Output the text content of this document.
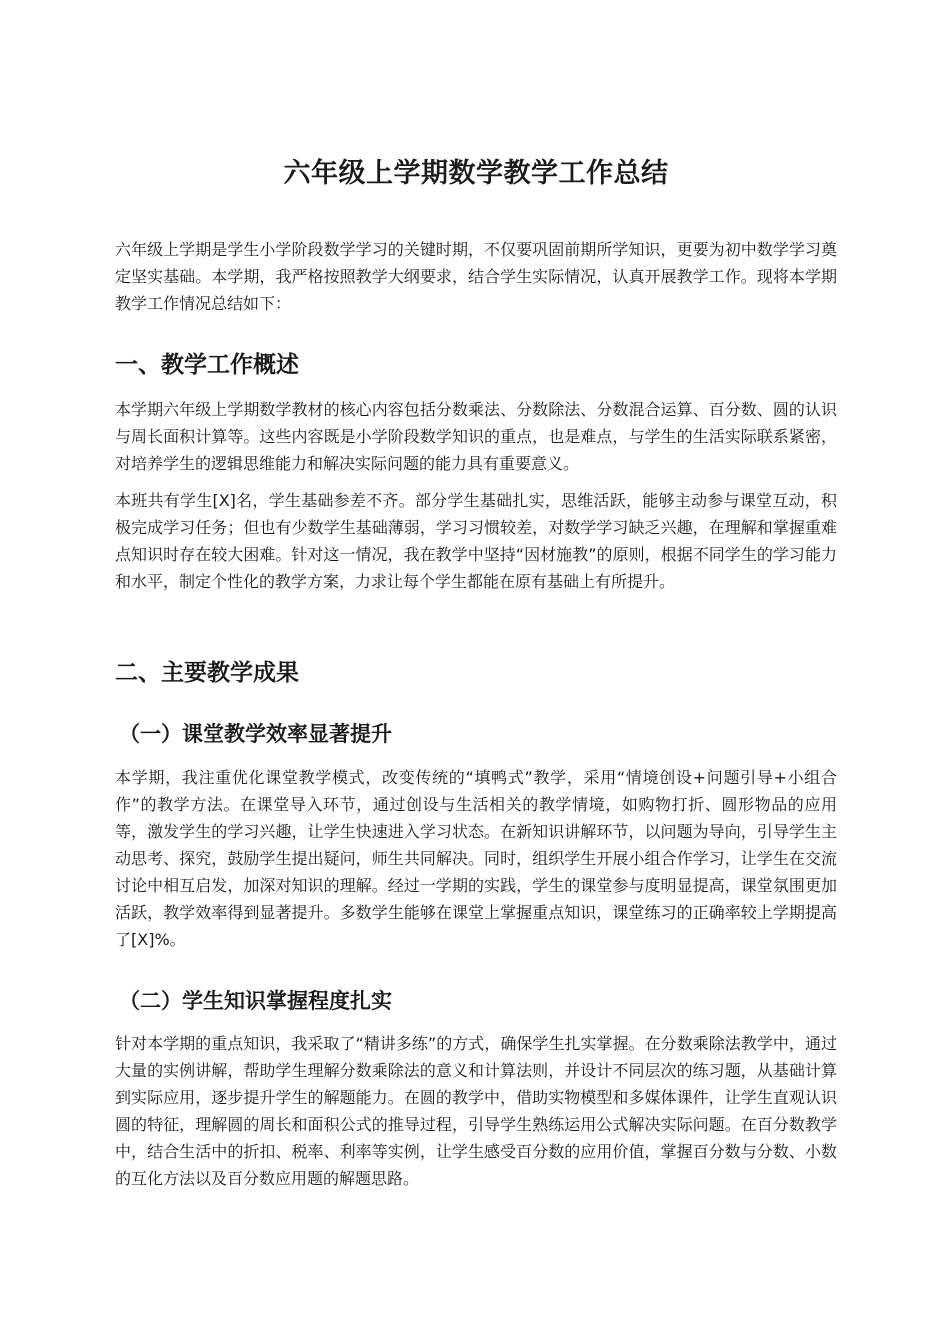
六年级上学期数学教学工作总结

六年级上学期是学生小学阶段数学学习的关键时期，不仅要巩固前期所学知识，更要为初中数学学习奠定坚实基础。本学期，我严格按照教学大纲要求，结合学生实际情况，认真开展教学工作。现将本学期教学工作情况总结如下：

一、教学工作概述

本学期六年级上学期数学教材的核心内容包括分数乘法、分数除法、分数混合运算、百分数、圆的认识与周长面积计算等。这些内容既是小学阶段数学知识的重点，也是难点，与学生的生活实际联系紧密，对培养学生的逻辑思维能力和解决实际问题的能力具有重要意义。

本班共有学生[X]名，学生基础参差不齐。部分学生基础扎实，思维活跃，能够主动参与课堂互动，积极完成学习任务；但也有少数学生基础薄弱，学习习惯较差，对数学学习缺乏兴趣，在理解和掌握重难点知识时存在较大困难。针对这一情况，我在教学中坚持“因材施教”的原则，根据不同学生的学习能力和水平，制定个性化的教学方案，力求让每个学生都能在原有基础上有所提升。

二、主要教学成果
（一）课堂教学效率显著提升

本学期，我注重优化课堂教学模式，改变传统的“填鸭式”教学，采用“情境创设+问题引导+小组合作”的教学方法。在课堂导入环节，通过创设与生活相关的教学情境，如购物打折、圆形物品的应用等，激发学生的学习兴趣，让学生快速进入学习状态。在新知识讲解环节，以问题为导向，引导学生主动思考、探究，鼓励学生提出疑问，师生共同解决。同时，组织学生开展小组合作学习，让学生在交流讨论中相互启发，加深对知识的理解。经过一学期的实践，学生的课堂参与度明显提高，课堂氛围更加活跃，教学效率得到显著提升。多数学生能够在课堂上掌握重点知识，课堂练习的正确率较上学期提高了[X]%。

（二）学生知识掌握程度扎实

针对本学期的重点知识，我采取了“精讲多练”的方式，确保学生扎实掌握。在分数乘除法教学中，通过大量的实例讲解，帮助学生理解分数乘除法的意义和计算法则，并设计不同层次的练习题，从基础计算到实际应用，逐步提升学生的解题能力。在圆的教学中，借助实物模型和多媒体课件，让学生直观认识圆的特征，理解圆的周长和面积公式的推导过程，引导学生熟练运用公式解决实际问题。在百分数教学中，结合生活中的折扣、税率、利率等实例，让学生感受百分数的应用价值，掌握百分数与分数、小数的互化方法以及百分数应用题的解题思路。
